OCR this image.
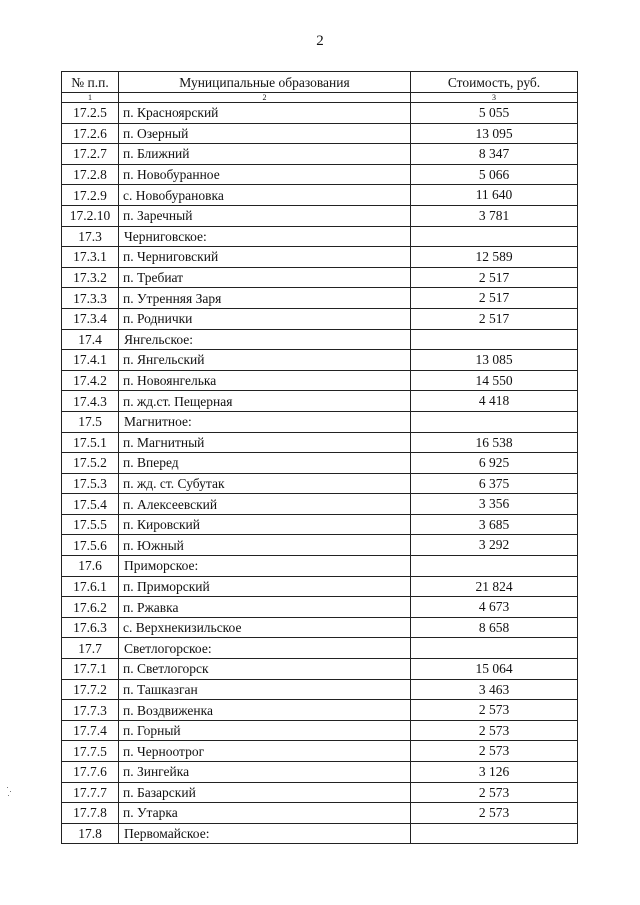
2
№ п.п.	Муниципальные образования	Стоимость, руб.
1	2	3
17.2.5	п. Красноярский	5 055
17.2.6	п. Озерный	13 095
17.2.7	п. Ближний	8 347
17.2.8	п. Новобуранное	5 066
17.2.9	с. Новобурановка	11 640
17.2.10	п. Заречный	3 781
17.3	Черниговское:	
17.3.1	п. Черниговский	12 589
17.3.2	п. Требиат	2 517
17.3.3	п. Утренняя Заря	2 517
17.3.4	п. Роднички	2 517
17.4	Янгельское:	
17.4.1	п. Янгельский	13 085
17.4.2	п. Новоянгелька	14 550
17.4.3	п. жд.ст. Пещерная	4 418
17.5	Магнитное:	
17.5.1	п. Магнитный	16 538
17.5.2	п. Вперед	6 925
17.5.3	п. жд. ст. Субутак	6 375
17.5.4	п. Алексеевский	3 356
17.5.5	п. Кировский	3 685
17.5.6	п. Южный	3 292
17.6	Приморское:	
17.6.1	п. Приморский	21 824
17.6.2	п. Ржавка	4 673
17.6.3	с. Верхнекизильское	8 658
17.7	Светлогорское:	
17.7.1	п. Светлогорск	15 064
17.7.2	п. Ташказган	3 463
17.7.3	п. Воздвиженка	2 573
17.7.4	п. Горный	2 573
17.7.5	п. Черноотрог	2 573
17.7.6	п. Зингейка	3 126
17.7.7	п. Базарский	2 573
17.7.8	п. Утарка	2 573
17.8	Первомайское:	
